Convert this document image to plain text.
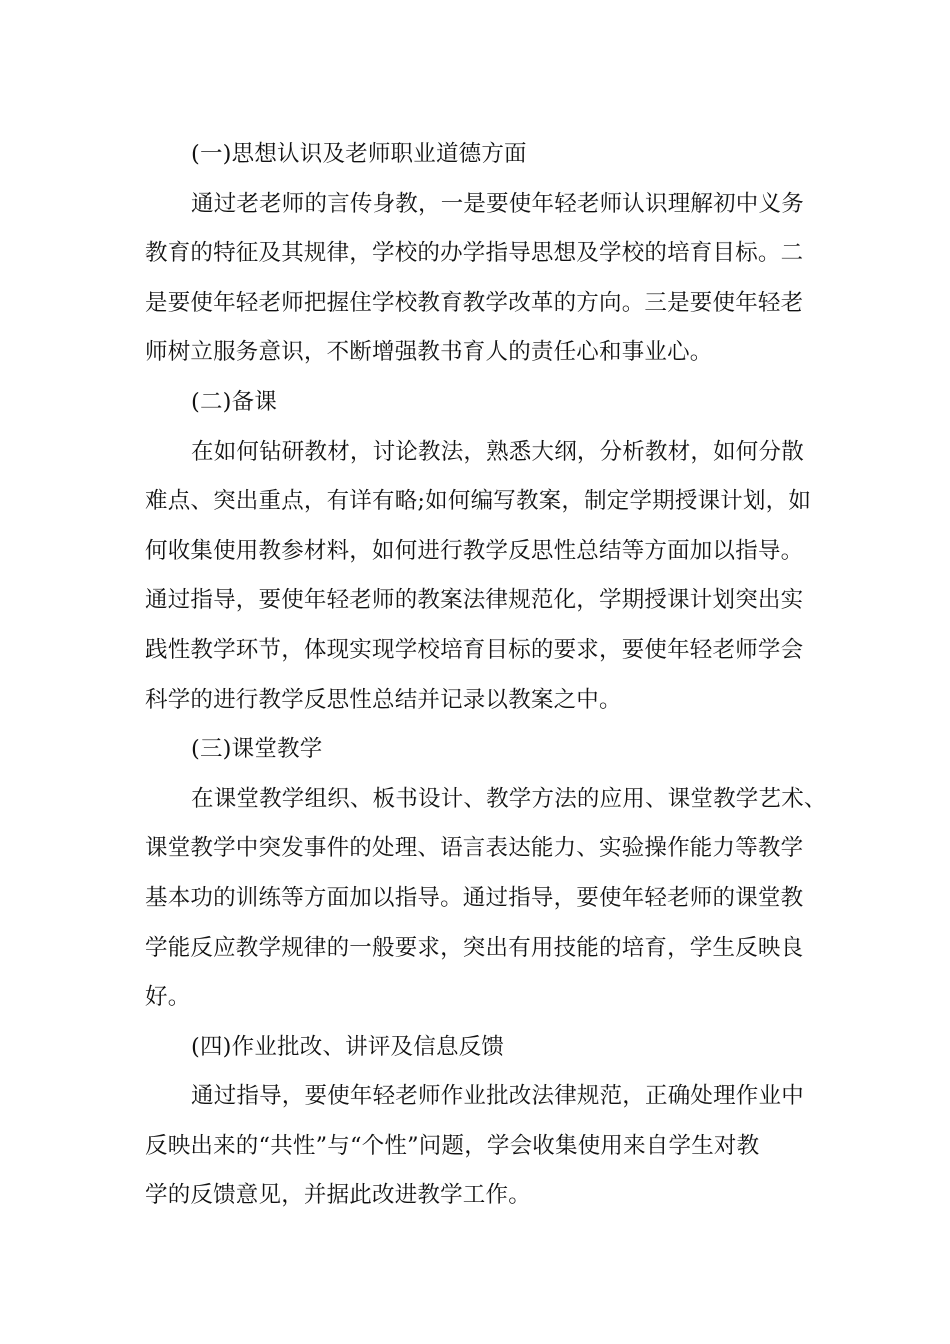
(一)思想认识及老师职业道德方面
通过老老师的言传身教，一是要使年轻老师认识理解初中义务
教育的特征及其规律，学校的办学指导思想及学校的培育目标。二
是要使年轻老师把握住学校教育教学改革的方向。三是要使年轻老
师树立服务意识，不断增强教书育人的责任心和事业心。
(二)备课
在如何钻研教材，讨论教法，熟悉大纲，分析教材，如何分散
难点、突出重点，有详有略;如何编写教案，制定学期授课计划，如
何收集使用教参材料，如何进行教学反思性总结等方面加以指导。
通过指导，要使年轻老师的教案法律规范化，学期授课计划突出实
践性教学环节，体现实现学校培育目标的要求，要使年轻老师学会
科学的进行教学反思性总结并记录以教案之中。
(三)课堂教学
在课堂教学组织、板书设计、教学方法的应用、课堂教学艺术、
课堂教学中突发事件的处理、语言表达能力、实验操作能力等教学
基本功的训练等方面加以指导。通过指导，要使年轻老师的课堂教
学能反应教学规律的一般要求，突出有用技能的培育，学生反映良
好。
(四)作业批改、讲评及信息反馈
通过指导，要使年轻老师作业批改法律规范，正确处理作业中
反映出来的“共性”与“个性”问题，学会收集使用来自学生对教
学的反馈意见，并据此改进教学工作。
